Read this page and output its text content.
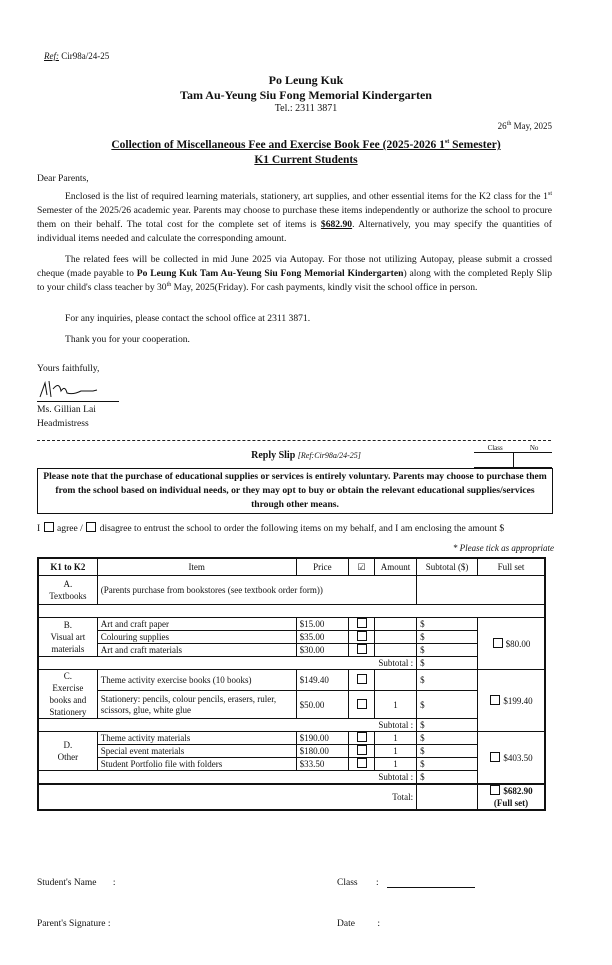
Ref: Cir98a/24-25
Po Leung Kuk
Tam Au-Yeung Siu Fong Memorial Kindergarten
Tel.: 2311 3871
26th May, 2025
Collection of Miscellaneous Fee and Exercise Book Fee (2025-2026 1st Semester)
K1 Current Students
Dear Parents,
Enclosed is the list of required learning materials, stationery, art supplies, and other essential items for the K2 class for the 1st Semester of the 2025/26 academic year. Parents may choose to purchase these items independently or authorize the school to procure them on their behalf. The total cost for the complete set of items is $682.90. Alternatively, you may specify the quantities of individual items needed and calculate the corresponding amount.
The related fees will be collected in mid June 2025 via Autopay. For those not utilizing Autopay, please submit a crossed cheque (made payable to Po Leung Kuk Tam Au-Yeung Siu Fong Memorial Kindergarten) along with the completed Reply Slip to your child's class teacher by 30th May, 2025(Friday). For cash payments, kindly visit the school office in person.
For any inquiries, please contact the school office at 2311 3871.
Thank you for your cooperation.
Yours faithfully,
Ms. Gillian Lai
Headmistress
Reply Slip [Ref:Cir98a/24-25]
Class	No
Please note that the purchase of educational supplies or services is entirely voluntary. Parents may choose to purchase them from the school based on individual needs, or they may opt to buy or obtain the relevant educational supplies/services through other means.
I agree / disagree to entrust the school to order the following items on my behalf, and I am enclosing the amount $
* Please tick as appropriate
K1 to K2	Item	Price	☑	Amount	Subtotal ($)	Full set
A.
Textbooks	(Parents purchase from bookstores (see textbook order form))					

B.
Visual art
materials	Art and craft paper	$15.00			$	$80.00
	Colouring supplies	$35.00			$	
	Art and craft materials	$30.00			$	
Subtotal :					$	
C.
Exercise
books and
Stationery	Theme activity exercise books (10 books)	$149.40			$	$199.40
	Stationery: pencils, colour pencils, erasers, ruler, scissors, glue, white glue	$50.00		1	$	
Subtotal :					$	
D.
Other	Theme activity materials	$190.00		1	$	$403.50
	Special event materials	$180.00		1	$	
	Student Portfolio file with folders	$33.50		1	$	
Subtotal :					$	
Total:						$682.90
(Full set)
Student's Name :	Class :
Parent's Signature :	Date :
